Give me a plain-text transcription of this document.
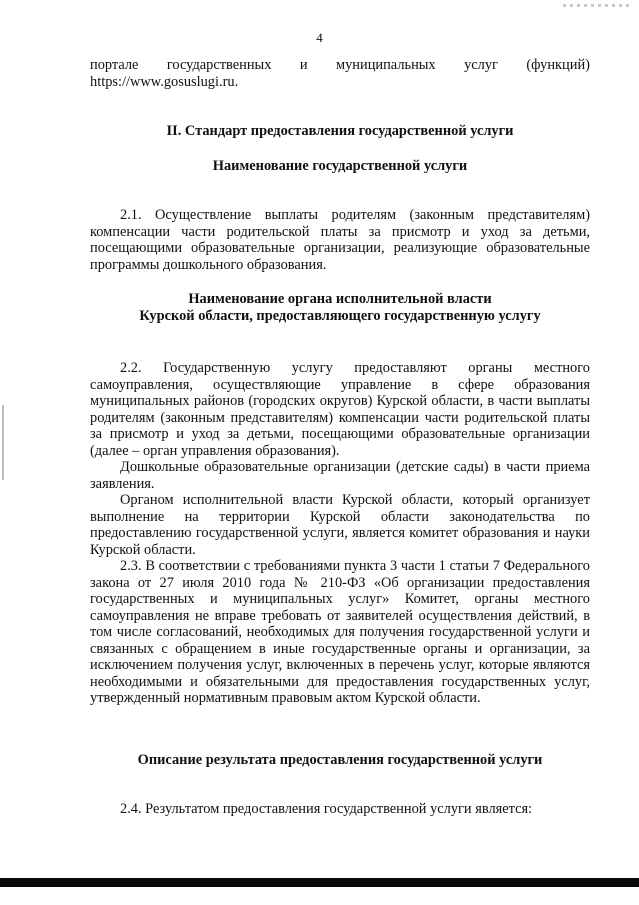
4
порталe государственных и муниципальных услуг (функций)
https://www.gosuslugi.ru.
II. Стандарт предоставления государственной услуги
Наименование государственной услуги

2.1. Осуществление выплаты родителям (законным представителям) компенсации части родительской платы за присмотр и уход за детьми, посещающими образовательные организации, реализующие образовательные программы дошкольного образования.

Наименование органа исполнительной власти
Курской области, предоставляющего государственную услугу

2.2. Государственную услугу предоставляют органы местного самоуправления, осуществляющие управление в сфере образования муниципальных районов (городских округов) Курской области, в части выплаты родителям (законным представителям) компенсации части родительской платы за присмотр и уход за детьми, посещающими образовательные организации (далее – орган управления образования).

Дошкольные образовательные организации (детские сады) в части приема заявления.

Органом исполнительной власти Курской области, который организует выполнение на территории Курской области законодательства по предоставлению государственной услуги, является комитет образования и науки Курской области.

2.3. В соответствии с требованиями пункта 3 части 1 статьи 7 Федерального закона от 27 июля 2010 года № 210-ФЗ «Об организации предоставления государственных и муниципальных услуг» Комитет, органы местного самоуправления не вправе требовать от заявителей осуществления действий, в том числе согласований, необходимых для получения государственной услуги и связанных с обращением в иные государственные органы и организации, за исключением получения услуг, включенных в перечень услуг, которые являются необходимыми и обязательными для предоставления государственных услуг, утвержденный нормативным правовым актом Курской области.

Описание результата предоставления государственной услуги

2.4. Результатом предоставления государственной услуги является:
